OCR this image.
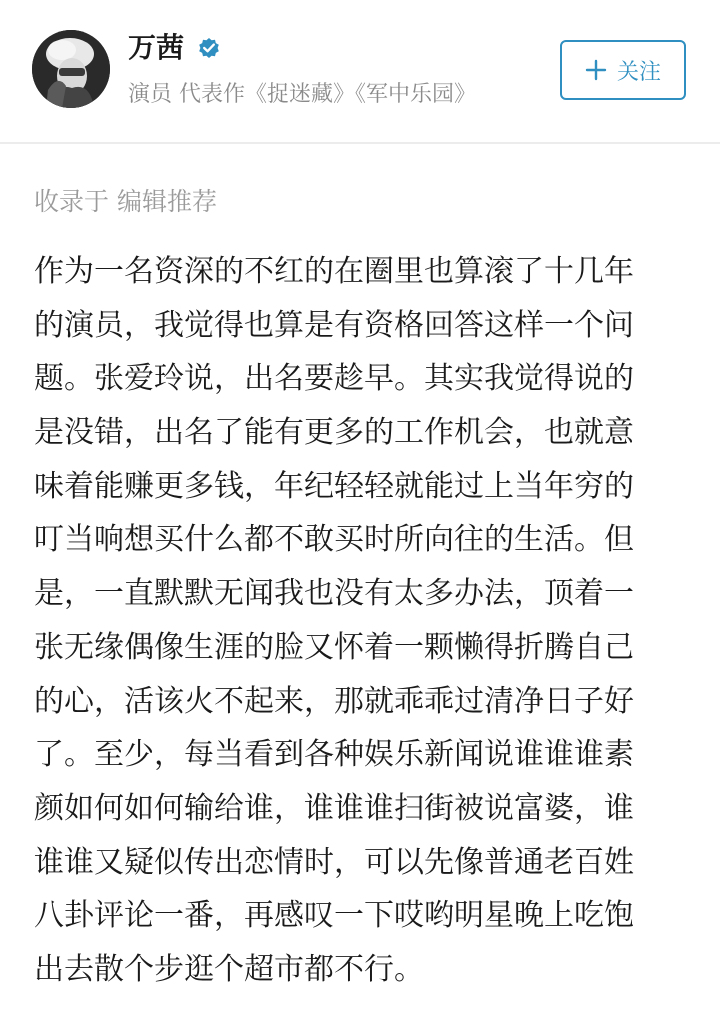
万茜
演员 代表作《捉迷藏》《军中乐园》
关注
收录于 编辑推荐
作为一名资深的不红的在圈里也算滚了十几年
的演员，我觉得也算是有资格回答这样一个问
题。张爱玲说，出名要趁早。其实我觉得说的
是没错，出名了能有更多的工作机会，也就意
味着能赚更多钱，年纪轻轻就能过上当年穷的
叮当响想买什么都不敢买时所向往的生活。但
是，一直默默无闻我也没有太多办法，顶着一
张无缘偶像生涯的脸又怀着一颗懒得折腾自己
的心，活该火不起来，那就乖乖过清净日子好
了。至少，每当看到各种娱乐新闻说谁谁谁素
颜如何如何输给谁，谁谁谁扫街被说富婆，谁
谁谁又疑似传出恋情时，可以先像普通老百姓
八卦评论一番，再感叹一下哎哟明星晚上吃饱
出去散个步逛个超市都不行。
